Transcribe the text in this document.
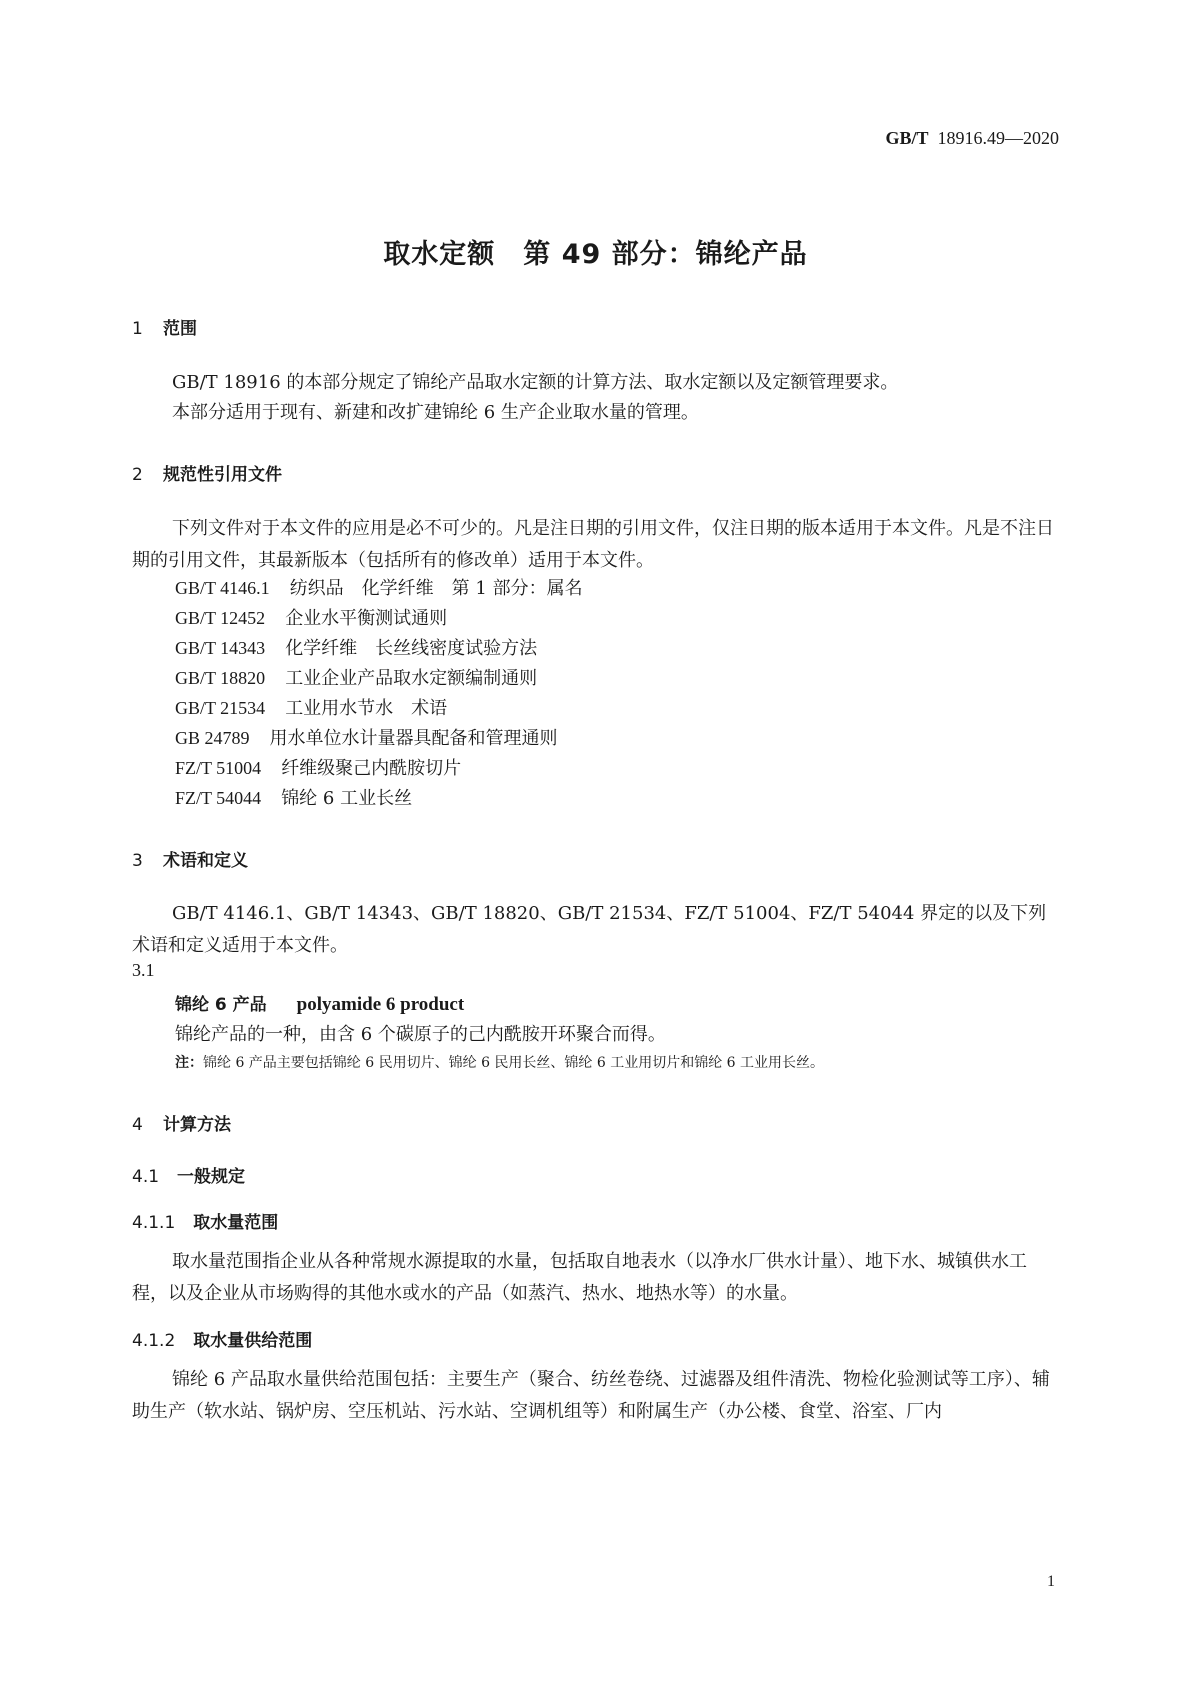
GB/T 18916.49—2020
取水定额　第 49 部分：锦纶产品
1 范围
GB/T 18916 的本部分规定了锦纶产品取水定额的计算方法、取水定额以及定额管理要求。
本部分适用于现有、新建和改扩建锦纶 6 生产企业取水量的管理。
2 规范性引用文件
下列文件对于本文件的应用是必不可少的。凡是注日期的引用文件，仅注日期的版本适用于本文件。凡是不注日期的引用文件，其最新版本（包括所有的修改单）适用于本文件。
GB/T 4146.1 纺织品　化学纤维　第 1 部分：属名
GB/T 12452 企业水平衡测试通则
GB/T 14343 化学纤维　长丝线密度试验方法
GB/T 18820 工业企业产品取水定额编制通则
GB/T 21534 工业用水节水　术语
GB 24789 用水单位水计量器具配备和管理通则
FZ/T 51004 纤维级聚己内酰胺切片
FZ/T 54044 锦纶 6 工业长丝
3 术语和定义
GB/T 4146.1、GB/T 14343、GB/T 18820、GB/T 21534、FZ/T 51004、FZ/T 54044 界定的以及下列术语和定义适用于本文件。
3.1
锦纶 6 产品 polyamide 6 product
锦纶产品的一种，由含 6 个碳原子的己内酰胺开环聚合而得。
注：锦纶 6 产品主要包括锦纶 6 民用切片、锦纶 6 民用长丝、锦纶 6 工业用切片和锦纶 6 工业用长丝。
4 计算方法
4.1 一般规定
4.1.1 取水量范围
取水量范围指企业从各种常规水源提取的水量，包括取自地表水（以净水厂供水计量）、地下水、城镇供水工程，以及企业从市场购得的其他水或水的产品（如蒸汽、热水、地热水等）的水量。
4.1.2 取水量供给范围
锦纶 6 产品取水量供给范围包括：主要生产（聚合、纺丝卷绕、过滤器及组件清洗、物检化验测试等工序）、辅助生产（软水站、锅炉房、空压机站、污水站、空调机组等）和附属生产（办公楼、食堂、浴室、厂内
1
